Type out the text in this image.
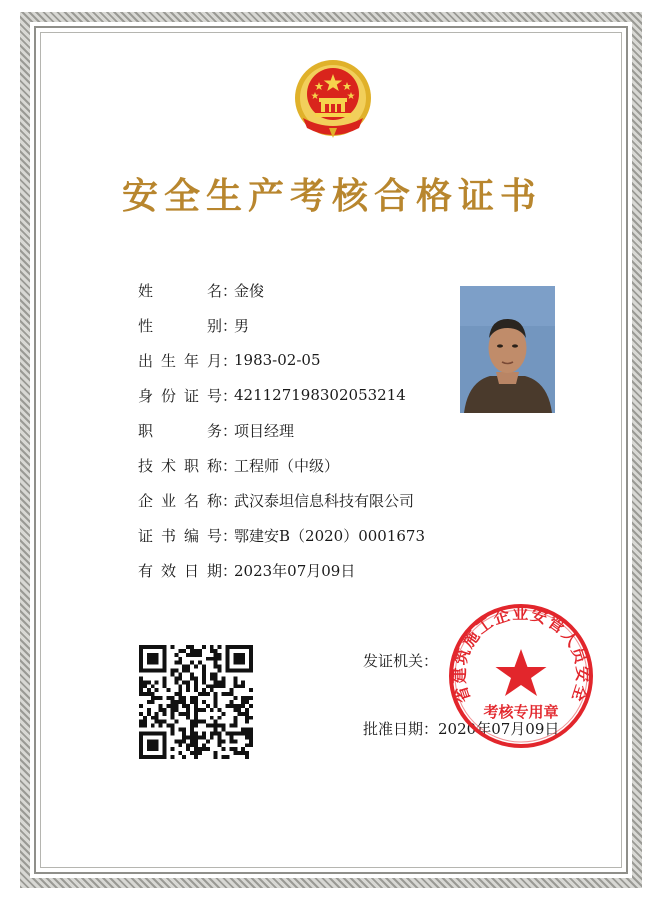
安全生产考核合格证书
姓	名 ：
金俊
性	别 ：
男
出 生 年 月 ：
1983-02-05
身 份 证 号 ：
421127198302053214
职	务 ：
项目经理
技 术 职 称 ：
工程师（中级）
企 业 名 称 ：
武汉泰坦信息科技有限公司
证 书 编 号 ：
鄂建安B（2020）0001673
有 效 日 期 ：
2023年07月09日
发证机关：
批准日期：2020年07月09日
省建筑施工企业安管人员安全
考核专用章
